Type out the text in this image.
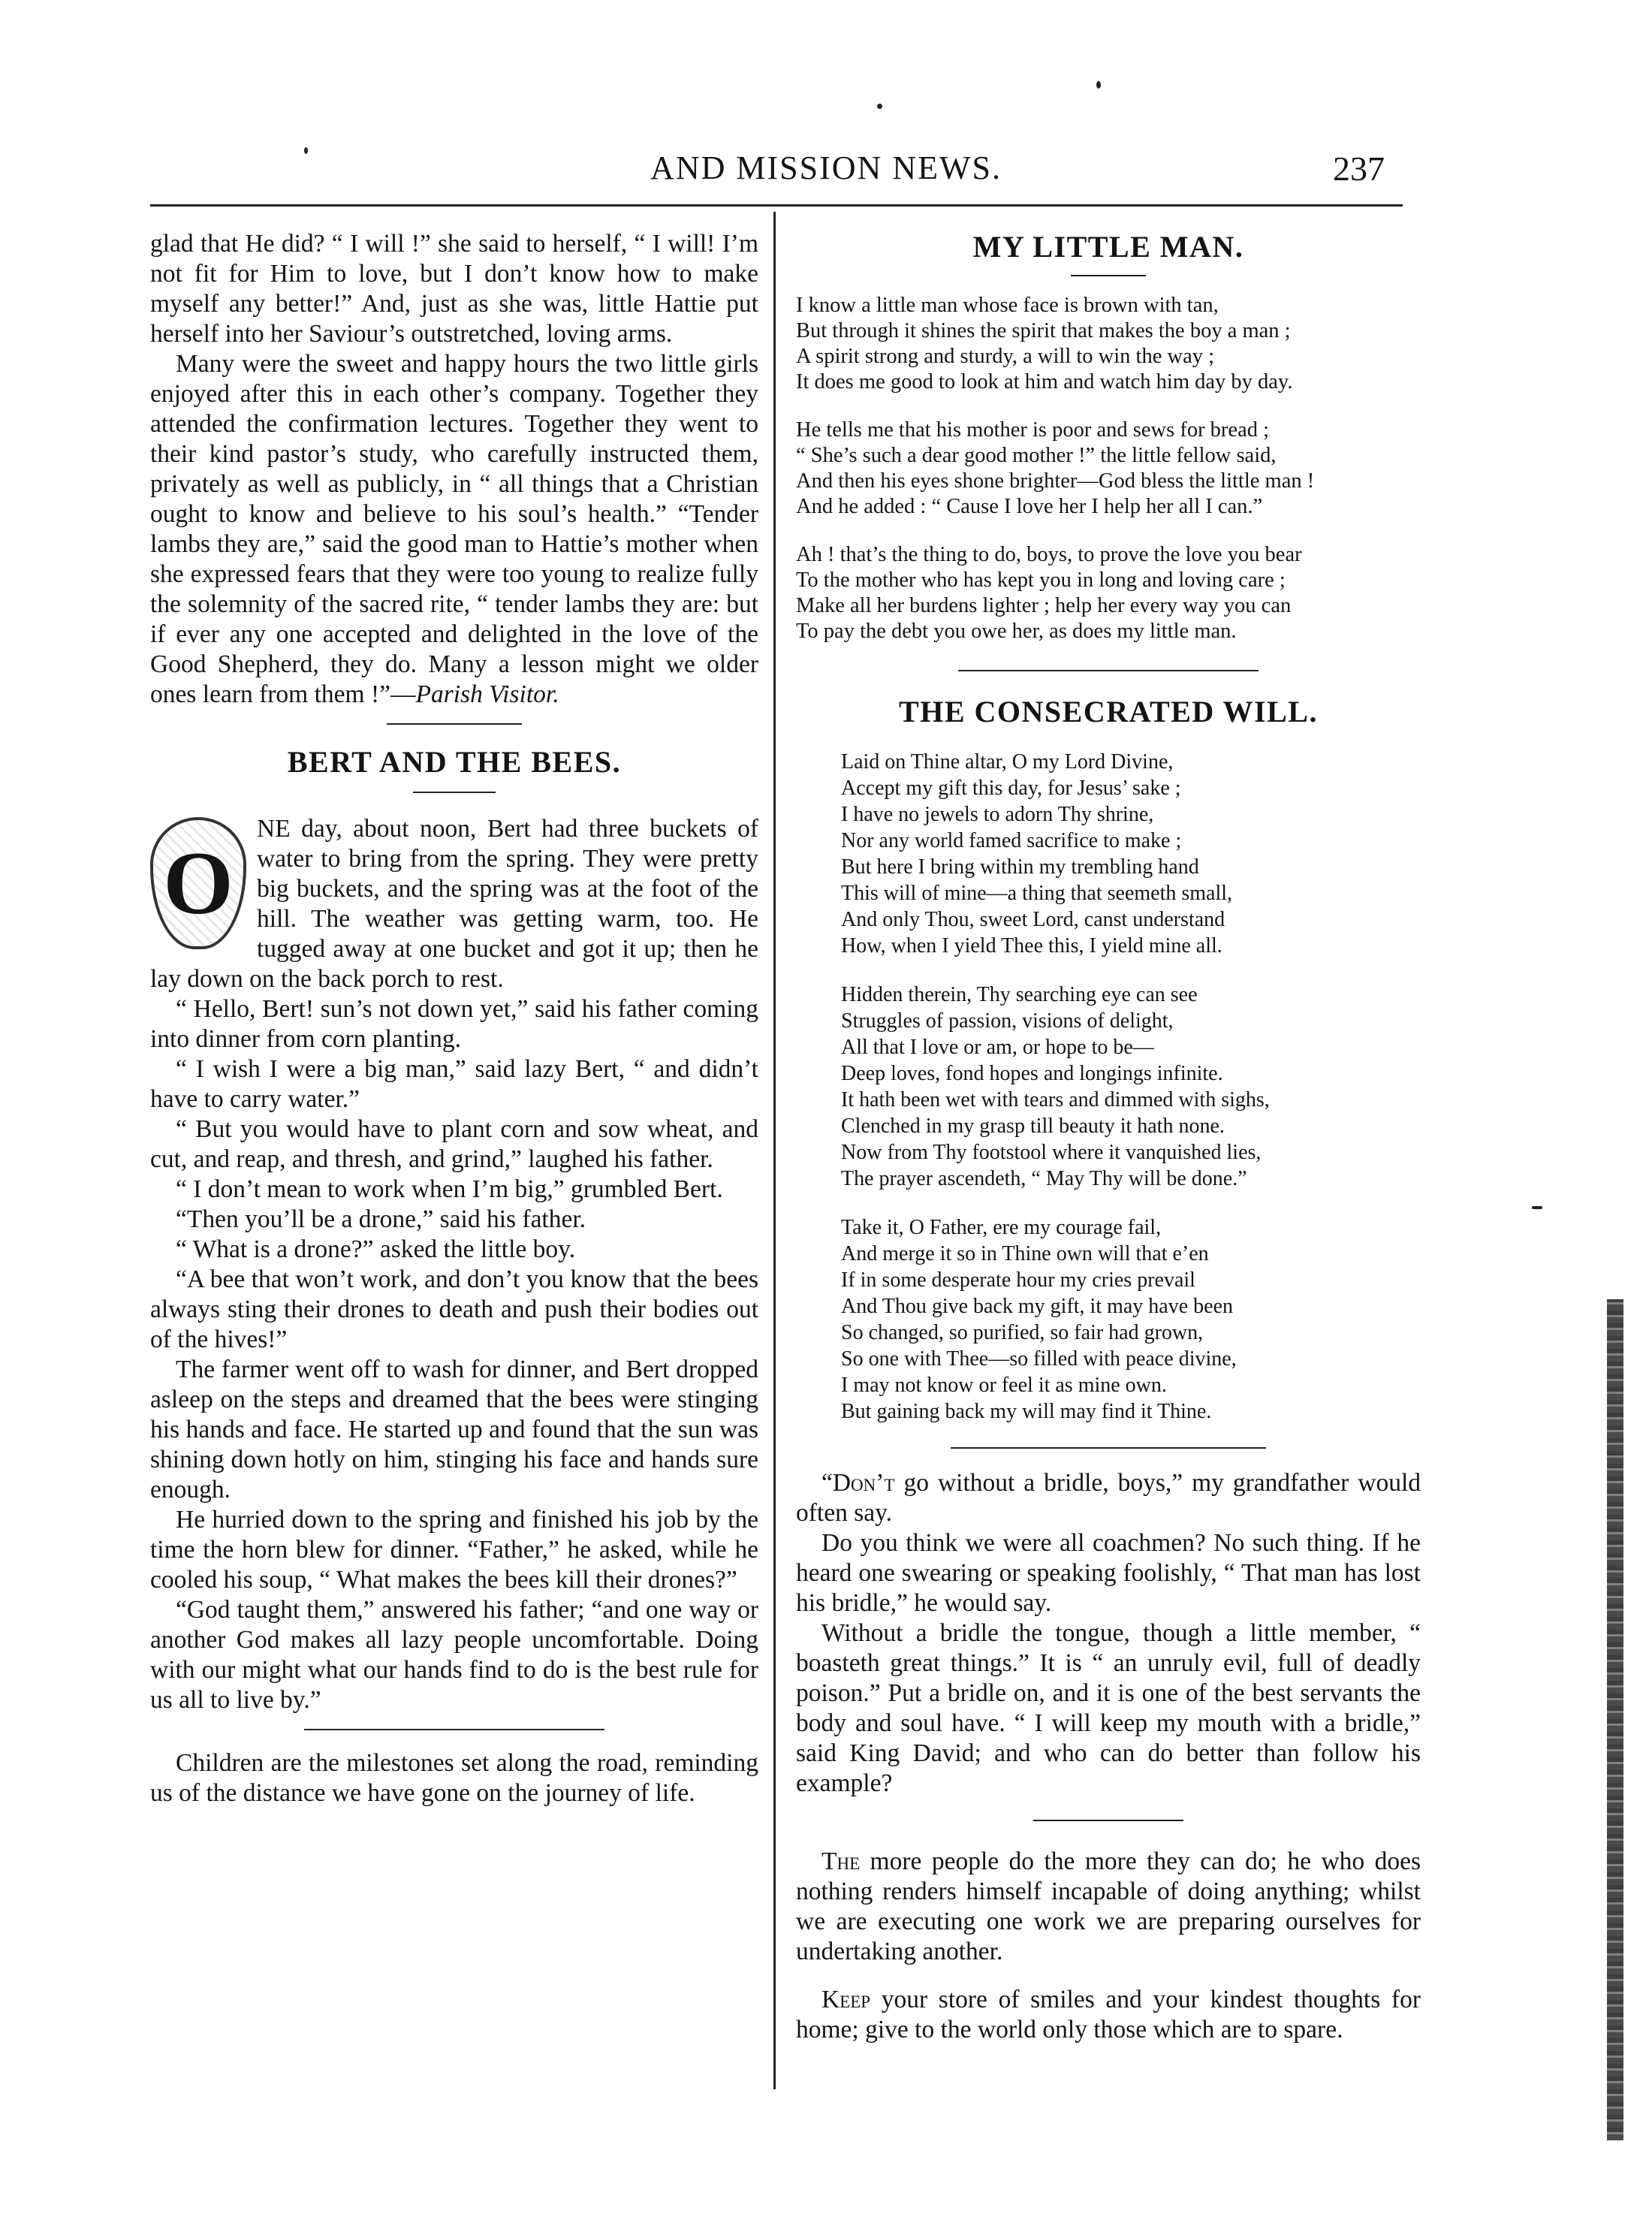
AND MISSION NEWS.	237

glad that He did? “ I will !” she said to herself, “ I will! I’m not fit for Him to love, but I don’t know how to make myself any better!” And, just as she was, little Hattie put herself into her Saviour’s outstretched, loving arms.

Many were the sweet and happy hours the two little girls enjoyed after this in each other’s company. Together they attended the confirmation lectures. Together they went to their kind pastor’s study, who carefully instructed them, privately as well as publicly, in “ all things that a Christian ought to know and believe to his soul’s health.” “Tender lambs they are,” said the good man to Hattie’s mother when she expressed fears that they were too young to realize fully the solemnity of the sacred rite, “ tender lambs they are: but if ever any one accepted and delighted in the love of the Good Shepherd, they do. Many a lesson might we older ones learn from them !”—Parish Visitor.

BERT AND THE BEES.
O

NE day, about noon, Bert had three buckets of water to bring from the spring. They were pretty big buckets, and the spring was at the foot of the hill. The weather was getting warm, too. He tugged away at one bucket and got it up; then he lay down on the back porch to rest.

“ Hello, Bert! sun’s not down yet,” said his father coming into dinner from corn planting.

“ I wish I were a big man,” said lazy Bert, “ and didn’t have to carry water.”

“ But you would have to plant corn and sow wheat, and cut, and reap, and thresh, and grind,” laughed his father.

“ I don’t mean to work when I’m big,” grumbled Bert.

“Then you’ll be a drone,” said his father.

“ What is a drone?” asked the little boy.

“A bee that won’t work, and don’t you know that the bees always sting their drones to death and push their bodies out of the hives!”

The farmer went off to wash for dinner, and Bert dropped asleep on the steps and dreamed that the bees were stinging his hands and face. He started up and found that the sun was shining down hotly on him, stinging his face and hands sure enough.

He hurried down to the spring and finished his job by the time the horn blew for dinner. “Father,” he asked, while he cooled his soup, “ What makes the bees kill their drones?”

“God taught them,” answered his father; “and one way or another God makes all lazy people uncomfortable. Doing with our might what our hands find to do is the best rule for us all to live by.”

Children are the milestones set along the road, reminding us of the distance we have gone on the journey of life.

MY LITTLE MAN.

I know a little man whose face is brown with tan,

But through it shines the spirit that makes the boy a man ;

A spirit strong and sturdy, a will to win the way ;

It does me good to look at him and watch him day by day.

He tells me that his mother is poor and sews for bread ;

“ She’s such a dear good mother !” the little fellow said,

And then his eyes shone brighter—God bless the little man !

And he added : “ Cause I love her I help her all I can.”

Ah ! that’s the thing to do, boys, to prove the love you bear

To the mother who has kept you in long and loving care ;

Make all her burdens lighter ; help her every way you can

To pay the debt you owe her, as does my little man.

THE CONSECRATED WILL.

Laid on Thine altar, O my Lord Divine,

Accept my gift this day, for Jesus’ sake ;

I have no jewels to adorn Thy shrine,

Nor any world famed sacrifice to make ;

But here I bring within my trembling hand

This will of mine—a thing that seemeth small,

And only Thou, sweet Lord, canst understand

How, when I yield Thee this, I yield mine all.

Hidden therein, Thy searching eye can see

Struggles of passion, visions of delight,

All that I love or am, or hope to be—

Deep loves, fond hopes and longings infinite.

It hath been wet with tears and dimmed with sighs,

Clenched in my grasp till beauty it hath none.

Now from Thy footstool where it vanquished lies,

The prayer ascendeth, “ May Thy will be done.”

Take it, O Father, ere my courage fail,

And merge it so in Thine own will that e’en

If in some desperate hour my cries prevail

And Thou give back my gift, it may have been

So changed, so purified, so fair had grown,

So one with Thee—so filled with peace divine,

I may not know or feel it as mine own.

But gaining back my will may find it Thine.

“Don’t go without a bridle, boys,” my grandfather would often say.

Do you think we were all coachmen? No such thing. If he heard one swearing or speaking foolishly, “ That man has lost his bridle,” he would say.

Without a bridle the tongue, though a little member, “ boasteth great things.” It is “ an unruly evil, full of deadly poison.” Put a bridle on, and it is one of the best servants the body and soul have. “ I will keep my mouth with a bridle,” said King David; and who can do better than follow his example?

The more people do the more they can do; he who does nothing renders himself incapable of doing anything; whilst we are executing one work we are preparing ourselves for undertaking another.

Keep your store of smiles and your kindest thoughts for home; give to the world only those which are to spare.
